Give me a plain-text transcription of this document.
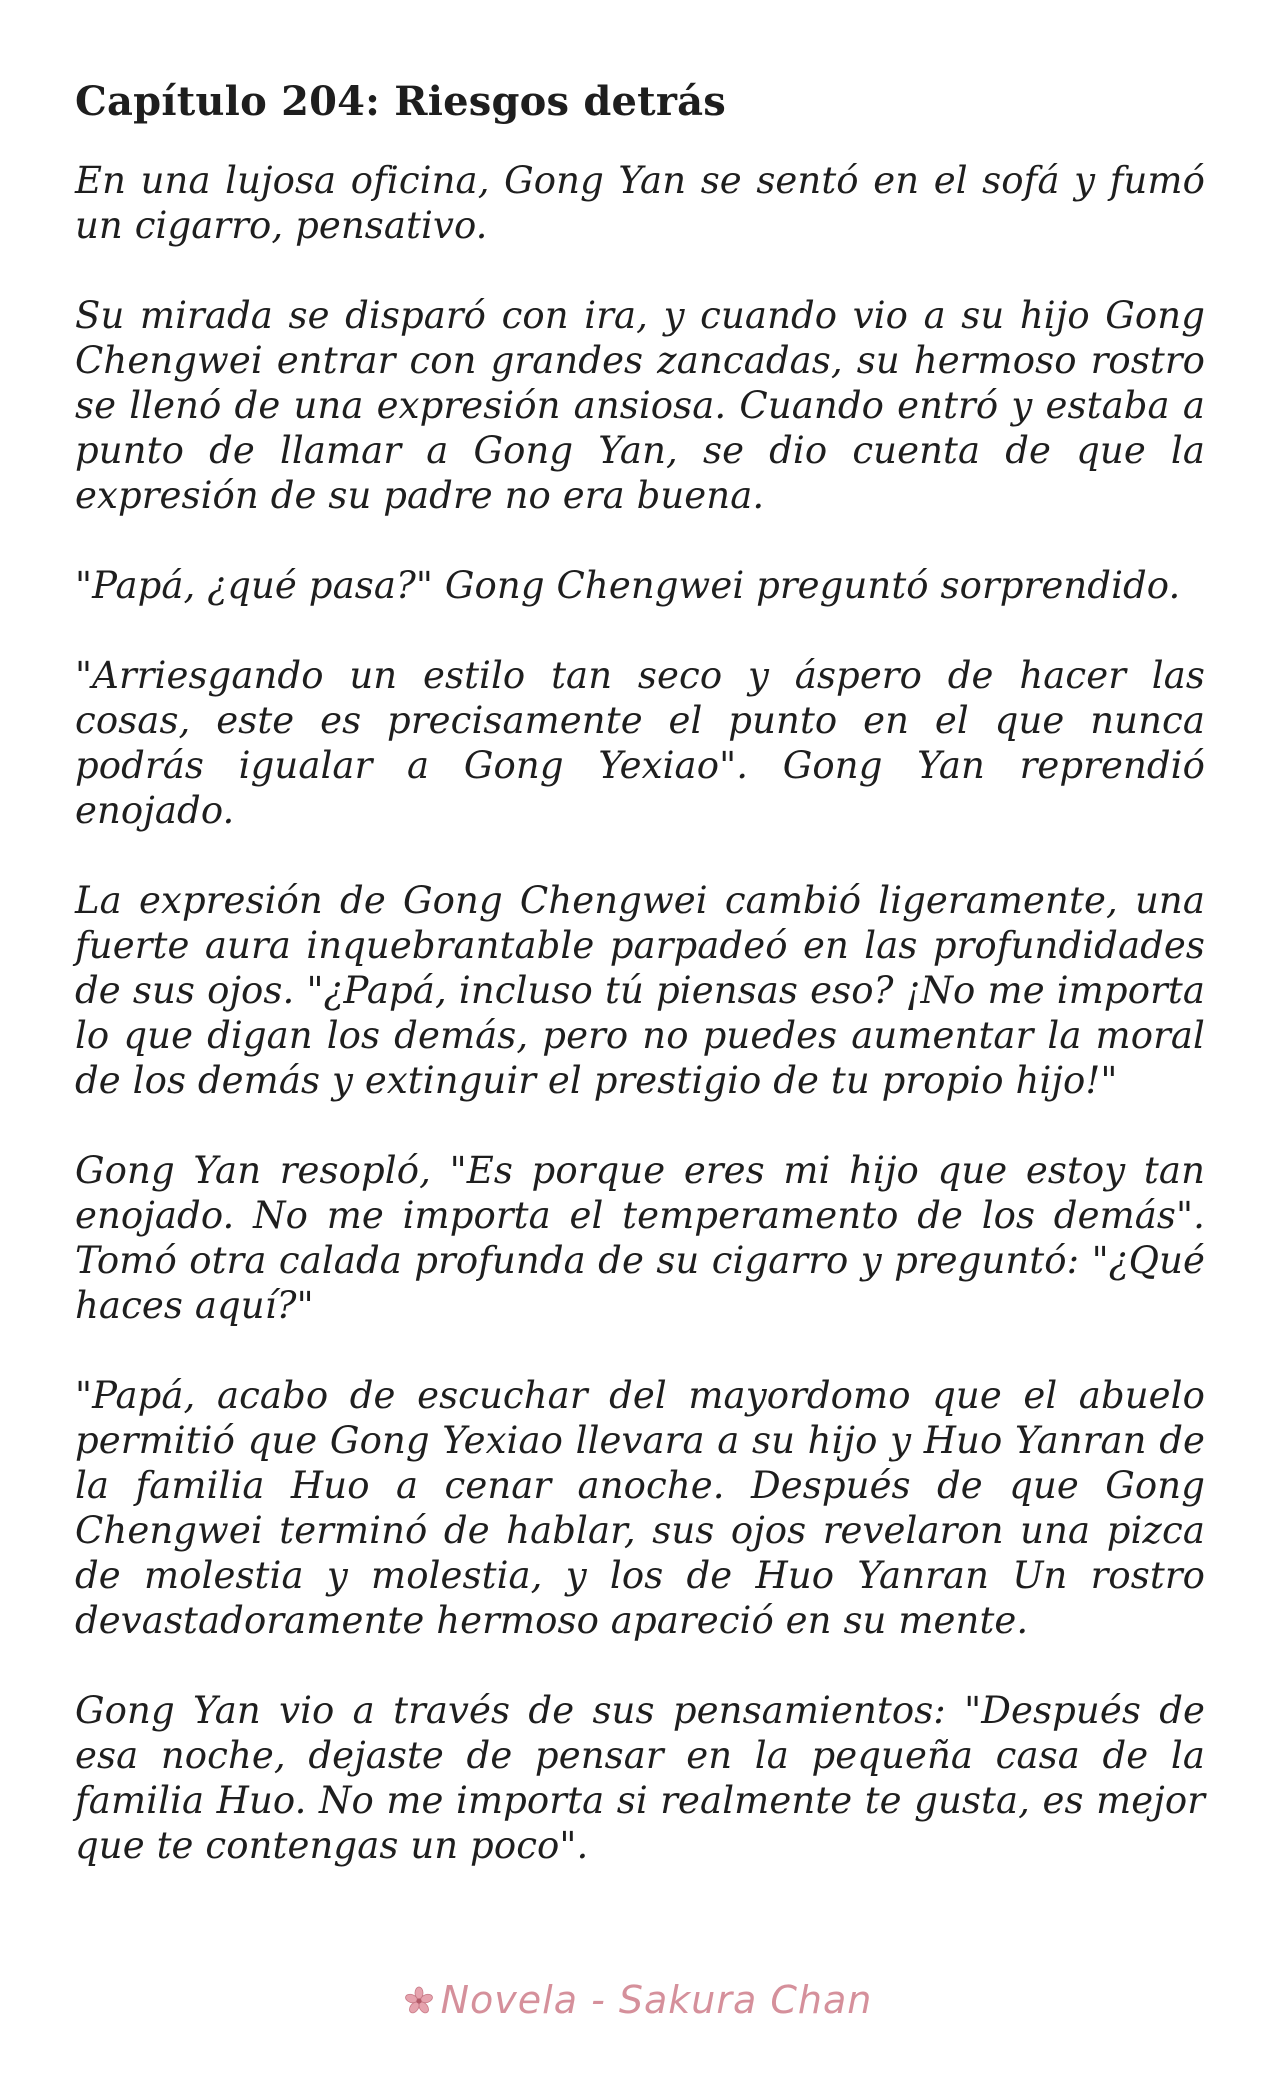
Capítulo 204: Riesgos detrás

En una lujosa oficina, Gong Yan se sentó en el sofá y fumó un cigarro, pensativo.

Su mirada se disparó con ira, y cuando vio a su hijo Gong Chengwei entrar con grandes zancadas, su hermoso rostro se llenó de una expresión ansiosa. Cuando entró y estaba a punto de llamar a Gong Yan, se dio cuenta de que la expresión de su padre no era buena.

"Papá, ¿qué pasa?" Gong Chengwei preguntó sorprendido.

"Arriesgando un estilo tan seco y áspero de hacer las cosas, este es precisamente el punto en el que nunca podrás igualar a Gong Yexiao". Gong Yan reprendió enojado.

La expresión de Gong Chengwei cambió ligeramente, una fuerte aura inquebrantable parpadeó en las profundidades de sus ojos. "¿Papá, incluso tú piensas eso? ¡No me importa lo que digan los demás, pero no puedes aumentar la moral de los demás y extinguir el prestigio de tu propio hijo!"

Gong Yan resopló, "Es porque eres mi hijo que estoy tan enojado. No me importa el temperamento de los demás". Tomó otra calada profunda de su cigarro y preguntó: "¿Qué haces aquí?"

"Papá, acabo de escuchar del mayordomo que el abuelo permitió que Gong Yexiao llevara a su hijo y Huo Yanran de la familia Huo a cenar anoche. Después de que Gong Chengwei terminó de hablar, sus ojos revelaron una pizca de molestia y molestia, y los de Huo Yanran Un rostro devastadoramente hermoso apareció en su mente.

Gong Yan vio a través de sus pensamientos: "Después de esa noche, dejaste de pensar en la pequeña casa de la familia Huo. No me importa si realmente te gusta, es mejor que te contengas un poco".

Novela - Sakura Chan
